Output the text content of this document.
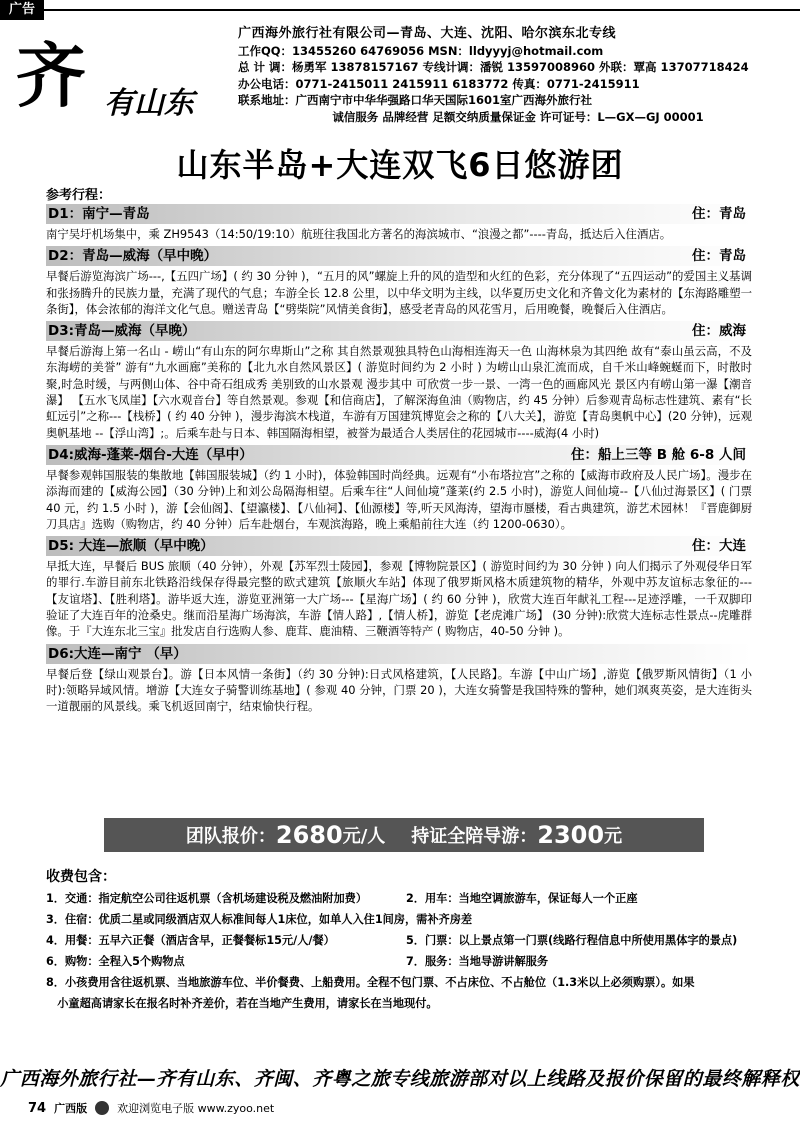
广告
齐 有山东
广西海外旅行社有限公司—青岛、大连、沈阳、哈尔滨东北专线
工作QQ：13455260 64769056 MSN：lldyyyj@hotmail.com
总 计 调：杨勇军 13878157167 专线计调：潘锐 13597008960 外联：覃高 13707718424
办公电话：0771-2415011 2415911 6183772 传真：0771-2415911
联系地址：广西南宁市中华华强路口华天国际1601室广西海外旅行社
诚信服务 品牌经营 足额交纳质量保证金 许可证号：L—GX—GJ 00001
山东半岛+大连双飞6日悠游团
参考行程：
D1：南宁—青岛	住：青岛
南宁吴圩机场集中，乘 ZH9543（14:50/19:10）航班往我国北方著名的海滨城市、“浪漫之都”----青岛，抵达后入住酒店。
D2：青岛—威海（早中晚）	住：青岛
早餐后游览海滨广场---,【五四广场】( 约 30 分钟 )，“五月的风”螺旋上升的风的造型和火红的色彩，充分体现了“五四运动”的爱国主义基调和张扬腾升的民族力量，充满了现代的气息；车游全长 12.8 公里，以中华文明为主线，以华夏历史文化和齐鲁文化为素材的【东海路雕塑一条街】，体会浓郁的海洋文化气息。赠送青岛【“劈柴院”风情美食街】，感受老青岛的风花雪月，后用晚餐，晚餐后入住酒店。
D3:青岛—威海（早晚）	住：威海
早餐后游海上第一名山 - 崂山“有山东的阿尔卑斯山”之称 其自然景观独具特色山海相连海天一色 山海林泉为其四绝 故有“泰山虽云高，不及东海崂的美誉” 游有“九水画廊”美称的【北九水自然风景区】( 游览时间约为 2 小时 ) 为崂山山泉汇流而成，自千米山峰蜿蜒而下，时散时聚,时急时缓，与两侧山体、谷中奇石组成秀 美别致的山水景观 漫步其中 可欣赏一步一景、一湾一色的画廊风光 景区内有崂山第一瀑【潮音瀑】 【五水飞凤崖】【六水观音台】等自然景观。参观【和信商店】，了解深海鱼油（购物店，约 45 分钟）后参观青岛标志性建筑、素有“长虹远引”之称---【栈桥】( 约 40 分钟 )，漫步海滨木栈道，车游有万国建筑博览会之称的【八大关】，游览【青岛奥帆中心】(20 分钟)，远观奥帆基地 --【浮山湾】;。后乘车赴与日本、韩国隔海相望，被誉为最适合人类居住的花园城市----威海(4 小时)
D4:威海-蓬莱-烟台-大连（早中）	住：船上三等 B 舱 6-8 人间
早餐参观韩国服装的集散地【韩国服装城】（约 1 小时)，体验韩国时尚经典。远观有“小布塔拉宫”之称的【威海市政府及人民广场】。漫步在添海而建的【威海公园】（30 分钟)上和刘公岛隔海相望。后乘车往“人间仙境”蓬莱(约 2.5 小时)，游览人间仙境--【八仙过海景区】( 门票 40 元，约 1.5 小时 )，游【会仙阁】、【望瀛楼】、【八仙祠】、【仙源楼】等,听天风海涛，望海市蜃楼，看古典建筑，游艺术园林！『晋鹿御厨刀具店』选购（购物店，约 40 分钟）后车赴烟台，车观滨海路，晚上乘船前往大连（约 1200-0630）。
D5: 大连—旅顺（早中晚）	住：大连
早抵大连，早餐后 BUS 旅顺（40 分钟），外观【苏军烈士陵园】，参观【博物院景区】( 游览时间约为 30 分钟 ) 向人们揭示了外观侵华日军的罪行.车游目前东北铁路沿线保存得最完整的欧式建筑【旅顺火车站】体现了俄罗斯风格木质建筑物的精华，外观中苏友谊标志象征的---【友谊塔】、【胜利塔】。游毕返大连，游览亚洲第一大广场---【星海广场】( 约 60 分钟 )，欣赏大连百年献礼工程---足迹浮雕，一千双脚印验证了大连百年的沧桑史。继而沿星海广场海滨，车游【情人路】,【情人桥】，游览【老虎滩广场】 (30 分钟):欣赏大连标志性景点--虎雕群像。于『大连东北三宝』批发店自行选购人参、鹿茸、鹿油精、三鞭酒等特产 ( 购物店，40-50 分钟 )。
D6:大连—南宁 （早）
早餐后登【绿山观景台】。游【日本风情一条街】（约 30 分钟):日式风格建筑，【人民路】。车游【中山广场】,游览【俄罗斯风情街】（1 小时):领略异域风情。增游【大连女子骑警训练基地】( 参观 40 分钟，门票 20 )，大连女骑警是我国特殊的警种，她们飒爽英姿，是大连街头一道靓丽的风景线。乘飞机返回南宁，结束愉快行程。
团队报价： 2680 元/人 持证全陪导游： 2300 元
收费包含：
1．交通：指定航空公司往返机票（含机场建设税及燃油附加费）	2．用车：当地空调旅游车，保证每人一个正座
3．住宿：优质二星或同级酒店双人标准间每人1床位，如单人入住1间房，需补齐房差
4．用餐：五早六正餐（酒店含早，正餐餐标15元/人/餐）	5．门票：以上景点第一门票(线路行程信息中所使用黑体字的景点)
6．购物：全程入5个购物点	7．服务：当地导游讲解服务
8．小孩费用含往返机票、当地旅游车位、半价餐费、上船费用。全程不包门票、不占床位、不占舱位（1.3米以上必须购票）。如果
　小童超高请家长在报名时补齐差价，若在当地产生费用，请家长在当地现付。
广西海外旅行社—齐有山东、齐闽、齐粤之旅专线旅游部对以上线路及报价保留的最终解释权
74 广西版	欢迎浏览电子版 www.zyoo.net
